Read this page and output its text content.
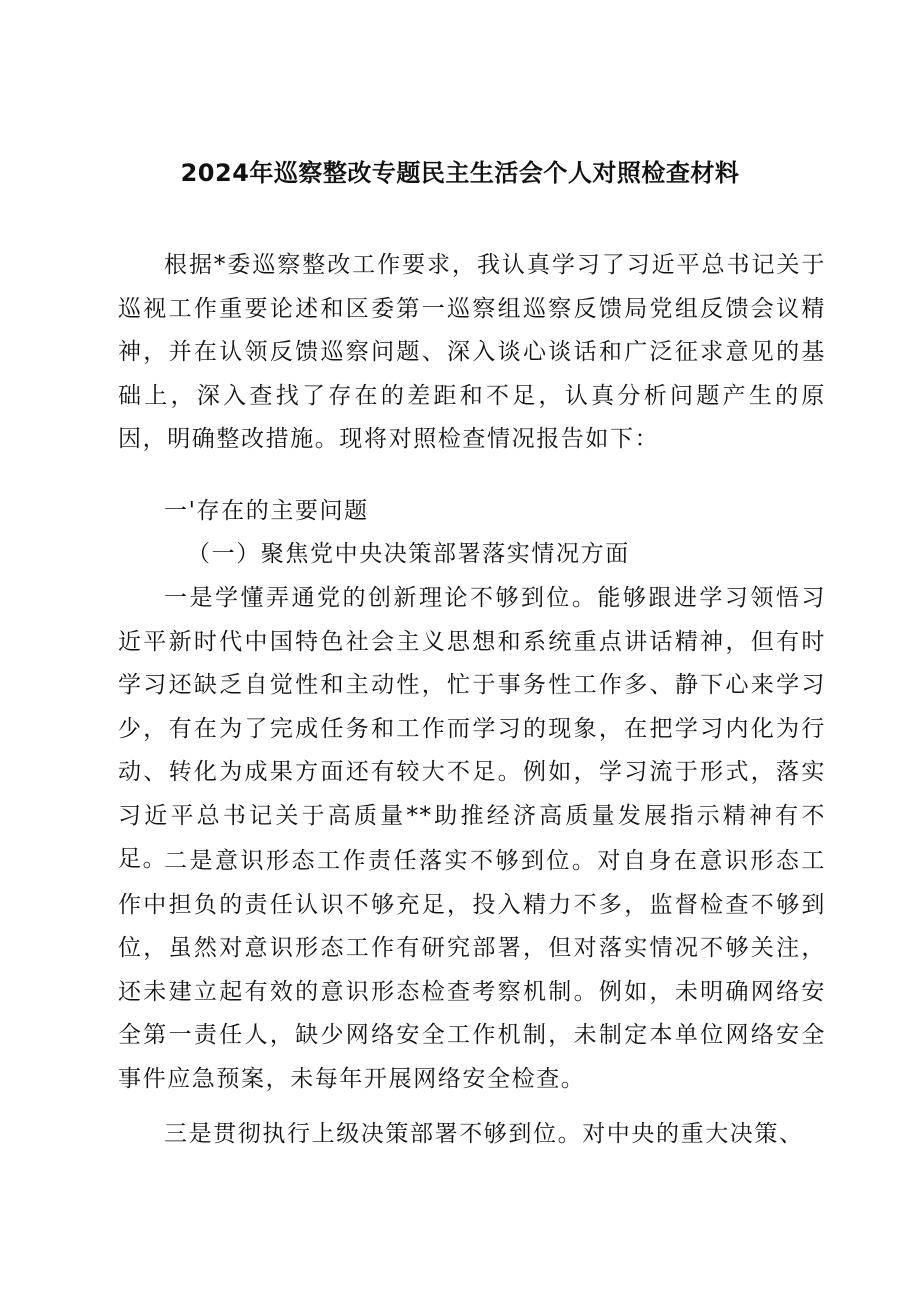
2024年巡察整改专题民主生活会个人对照检查材料

根据*委巡察整改工作要求，我认真学习了习近平总书记关于巡视工作重要论述和区委第一巡察组巡察反馈局党组反馈会议精神，并在认领反馈巡察问题、深入谈心谈话和广泛征求意见的基础上，深入查找了存在的差距和不足，认真分析问题产生的原因，明确整改措施。现将对照检查情况报告如下：

一'存在的主要问题

（一）聚焦党中央决策部署落实情况方面

一是学懂弄通党的创新理论不够到位。能够跟进学习领悟习近平新时代中国特色社会主义思想和系统重点讲话精神，但有时学习还缺乏自觉性和主动性，忙于事务性工作多、静下心来学习少，有在为了完成任务和工作而学习的现象，在把学习内化为行动、转化为成果方面还有较大不足。例如，学习流于形式，落实习近平总书记关于高质量**助推经济高质量发展指示精神有不足。

二是意识形态工作责任落实不够到位。对自身在意识形态工作中担负的责任认识不够充足，投入精力不多，监督检查不够到位，虽然对意识形态工作有研究部署，但对落实情况不够关注，还未建立起有效的意识形态检查考察机制。例如，未明确网络安全第一责任人，缺少网络安全工作机制，未制定本单位网络安全事件应急预案，未每年开展网络安全检查。

三是贯彻执行上级决策部署不够到位。对中央的重大决策、
